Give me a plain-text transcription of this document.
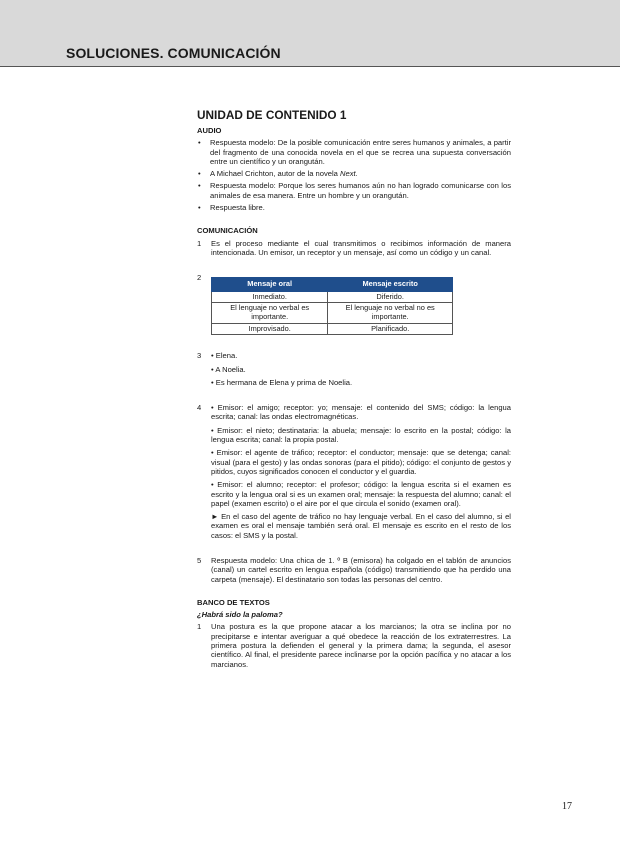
SOLUCIONES. COMUNICACIÓN
UNIDAD DE CONTENIDO 1
AUDIO
• Respuesta modelo: De la posible comunicación entre seres humanos y animales, a partir del fragmento de una conocida novela en el que se recrea una supuesta conversación entre un científico y un orangután.
• A Michael Crichton, autor de la novela Next.
• Respuesta modelo: Porque los seres humanos aún no han logrado comunicarse con los animales de esa manera. Entre un hombre y un orangután.
• Respuesta libre.
COMUNICACIÓN
1	Es el proceso mediante el cual transmitimos o recibimos información de manera intencionada. Un emisor, un receptor y un mensaje, así como un código y un canal.
2
Mensaje oral	Mensaje escrito
Inmediato.	Diferido.
El lenguaje no verbal es importante.	El lenguaje no verbal no es importante.
Improvisado.	Planificado.
3	• Elena.

• A Noelia.

• Es hermana de Elena y prima de Noelia.

4	• Emisor: el amigo; receptor: yo; mensaje: el contenido del SMS; código: la lengua escrita; canal: las ondas electromagnéticas.

• Emisor: el nieto; destinataria: la abuela; mensaje: lo escrito en la postal; código: la lengua escrita; canal: la propia postal.

• Emisor: el agente de tráfico; receptor: el conductor; mensaje: que se detenga; canal: visual (para el gesto) y las ondas sonoras (para el pitido); código: el conjunto de gestos y pitidos, cuyos significados conocen el conductor y el guardia.

• Emisor: el alumno; receptor: el profesor; código: la lengua escrita si el examen es escrito y la lengua oral si es un examen oral; mensaje: la respuesta del alumno; canal: el papel (examen escrito) o el aire por el que circula el sonido (examen oral).

► En el caso del agente de tráfico no hay lenguaje verbal. En el caso del alumno, si el examen es oral el mensaje también será oral. El mensaje es escrito en el resto de los casos: el SMS y la postal.

5	Respuesta modelo: Una chica de 1. º B (emisora) ha colgado en el tablón de anuncios (canal) un cartel escrito en lengua española (código) transmitiendo que ha perdido una carpeta (mensaje). El destinatario son todas las personas del centro.
BANCO DE TEXTOS
¿Habrá sido la paloma?
1	Una postura es la que propone atacar a los marcianos; la otra se inclina por no precipitarse e intentar averiguar a qué obedece la reacción de los extraterrestres. La primera postura la defienden el general y la primera dama; la segunda, el asesor científico. Al final, el presidente parece inclinarse por la opción pacífica y no atacar a los marcianos.
17
